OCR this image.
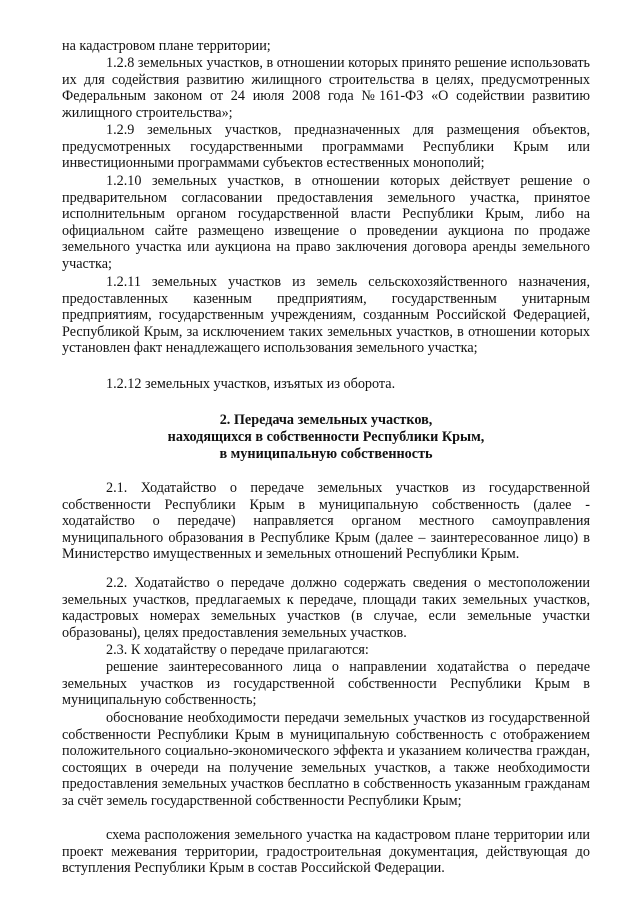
на кадастровом плане территории;

1.2.8 земельных участков, в отношении которых принято решение использовать их для содействия развитию жилищного строительства в целях, предусмотренных Федеральным законом от 24 июля 2008 года №161-ФЗ «О содействии развитию жилищного строительства»;

1.2.9 земельных участков, предназначенных для размещения объектов, предусмотренных государственными программами Республики Крым или инвестиционными программами субъектов естественных монополий;

1.2.10 земельных участков, в отношении которых действует решение о предварительном согласовании предоставления земельного участка, принятое исполнительным органом государственной власти Республики Крым, либо на официальном сайте размещено извещение о проведении аукциона по продаже земельного участка или аукциона на право заключения договора аренды земельного участка;

1.2.11 земельных участков из земель сельскохозяйственного назначения, предоставленных казенным предприятиям, государственным унитарным предприятиям, государственным учреждениям, созданным Российской Федерацией, Республикой Крым, за исключением таких земельных участков, в отношении которых установлен факт ненадлежащего использования земельного участка;

1.2.12 земельных участков, изъятых из оборота.

2. Передача земельных участков,

находящихся в собственности Республики Крым,

в муниципальную собственность

2.1. Ходатайство о передаче земельных участков из государственной собственности Республики Крым в муниципальную собственность (далее - ходатайство о передаче) направляется органом местного самоуправления муниципального образования в Республике Крым (далее – заинтересованное лицо) в Министерство имущественных и земельных отношений Республики Крым.

2.2. Ходатайство о передаче должно содержать сведения о местоположении земельных участков, предлагаемых к передаче, площади таких земельных участков, кадастровых номерах земельных участков (в случае, если земельные участки образованы), целях предоставления земельных участков.

2.3. К ходатайству о передаче прилагаются:

решение заинтересованного лица о направлении ходатайства о передаче земельных участков из государственной собственности Республики Крым в муниципальную собственность;

обоснование необходимости передачи земельных участков из государственной собственности Республики Крым в муниципальную собственность с отображением положительного социально-экономического эффекта и указанием количества граждан, состоящих в очереди на получение земельных участков, а также необходимости предоставления земельных участков бесплатно в собственность указанным гражданам за счёт земель государственной собственности Республики Крым;

схема расположения земельного участка на кадастровом плане территории или проект межевания территории, градостроительная документация, действующая до вступления Республики Крым в состав Российской Федерации.
